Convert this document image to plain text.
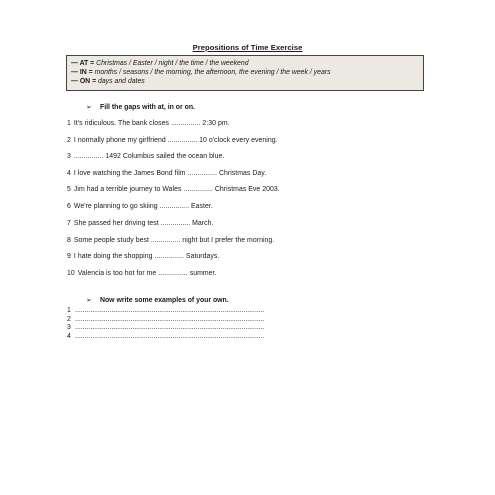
Prepositions of Time Exercise
— AT = Christmas / Easter / night / the time / the weekend
— IN = months / seasons / the morning, the afternoon, the evening / the week / years
— ON = days and dates
➢ Fill the gaps with at, in or on.
1 It's ridiculous. The bank closes ............... 2:30 pm.
2 I normally phone my girlfriend ............... 10 o'clock every evening.
3 ............... 1492 Columbus sailed the ocean blue.
4 I love watching the James Bond film ............... Christmas Day.
5 Jim had a terrible journey to Wales ............... Christmas Eve 2003.
6 We're planning to go skiing ............... Easter.
7 She passed her driving test ............... March.
8 Some people study best ............... night but I prefer the morning.
9 I hate doing the shopping ............... Saturdays.
10 Valencia is too hot for me ............... summer.
➢ Now write some examples of your own.
1 ...................................................................................................
2 ...................................................................................................
3 ...................................................................................................
4 ...................................................................................................
